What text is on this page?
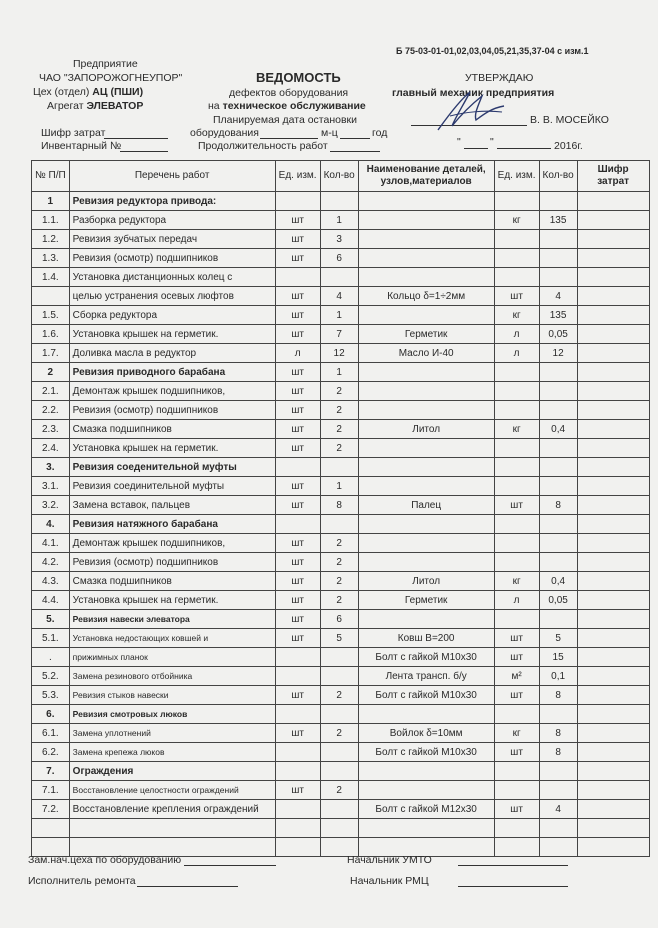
Б 75-03-01-01,02,03,04,05,21,35,37-04 с изм.1
Предприятие
ЧАО "ЗАПОРОЖОГНЕУПОР"
Цех (отдел) АЦ (ПШИ)
Агрегат ЭЛЕВАТОР
Шифр затрат
Инвентарный №
ВЕДОМОСТЬ
дефектов оборудования
на техническое обслуживание
Планируемая дата остановки
оборудования	м-ц	год
Продолжительность работ
УТВЕРЖДАЮ
главный механик предприятия
В. В. МОСЕЙКО
"	"	2016г.
№ П/П	Перечень работ	Ед. изм.	Кол-во	Наименование деталей, узлов,материалов	Ед. изм.	Кол-во	Шифр затрат
1	Ревизия редуктора привода:						
1.1.	Разборка редуктора	шт	1		кг	135	
1.2.	Ревизия зубчатых передач	шт	3				
1.3.	Ревизия (осмотр) подшипников	шт	6				
1.4.	Установка дистанционных колец с						
	целью устранения осевых люфтов	шт	4	Кольцо δ=1÷2мм	шт	4	
1.5.	Сборка редуктора	шт	1		кг	135	
1.6.	Установка крышек на герметик.	шт	7	Герметик	л	0,05	
1.7.	Доливка масла в редуктор	л	12	Масло И-40	л	12	
2	Ревизия приводного барабана	шт	1				
2.1.	Демонтаж крышек подшипников,	шт	2				
2.2.	Ревизия (осмотр) подшипников	шт	2				
2.3.	Смазка подшипников	шт	2	Литол	кг	0,4	
2.4.	Установка крышек на герметик.	шт	2				
3.	Ревизия соеденительной муфты						
3.1.	Ревизия соединительной муфты	шт	1				
3.2.	Замена вставок, пальцев	шт	8	Палец	шт	8	
4.	Ревизия натяжного барабана						
4.1.	Демонтаж крышек подшипников,	шт	2				
4.2.	Ревизия (осмотр) подшипников	шт	2				
4.3.	Смазка подшипников	шт	2	Литол	кг	0,4	
4.4.	Установка крышек на герметик.	шт	2	Герметик	л	0,05	
5.	Ревизия навески элеватора	шт	6				
5.1.	Установка недостающих ковшей и	шт	5	Ковш В=200	шт	5	
.	прижимных планок			Болт с гайкой М10х30	шт	15	
5.2.	Замена резинового отбойника			Лента трансп. б/у	м²	0,1	
5.3.	Ревизия стыков навески	шт	2	Болт с гайкой М10х30	шт	8	
6.	Ревизия смотровых люков						
6.1.	Замена уплотнений	шт	2	Войлок δ=10мм	кг	8	
6.2.	Замена крепежа люков			Болт с гайкой М10х30	шт	8	
7.	Ограждения						
7.1.	Восстановление целостности ограждений	шт	2				
7.2.	Восстановление крепления ограждений			Болт с гайкой М12х30	шт	4	

Зам.нач.цеха по оборудованию
Исполнитель ремонта
Начальник УМТО
Начальник РМЦ
